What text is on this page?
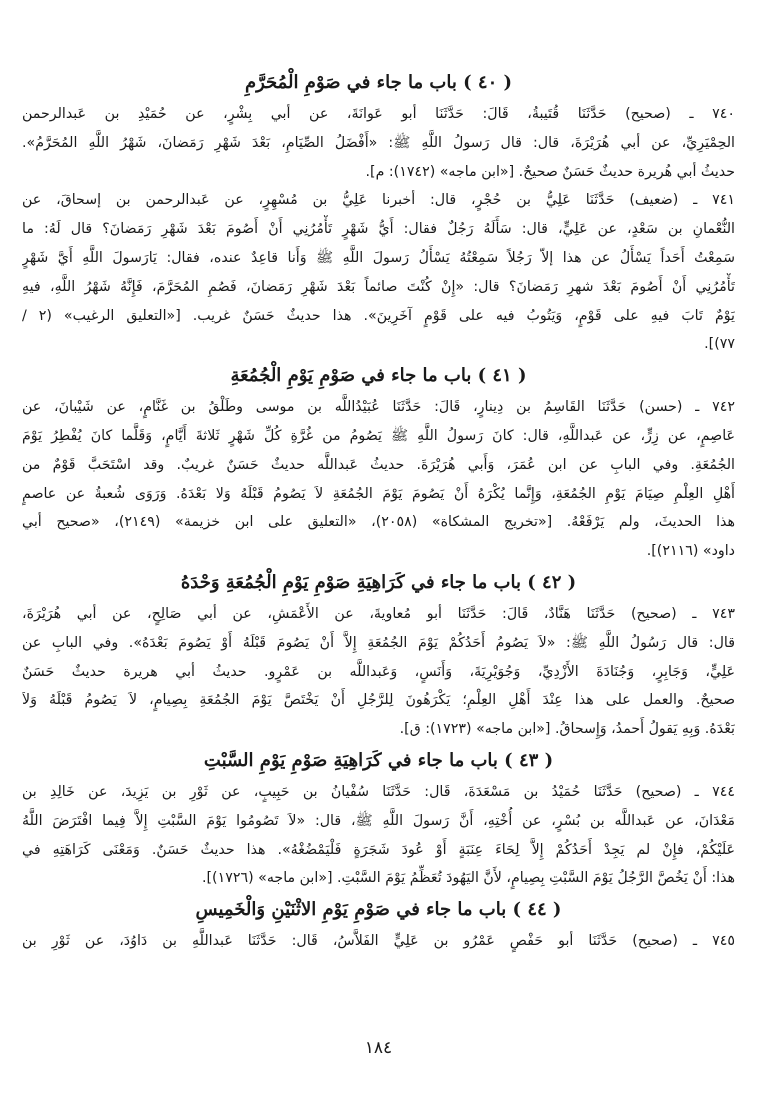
( ٤٠ ) باب ما جاء في صَوْمِ الْمُحَرَّمِ
٧٤٠ ـ (صحيح) حَدَّثَنَا قُتَيبةُ، قَالَ: حَدَّثَنَا أبو عَوانَةَ، عن أبي بِشْرٍ، عن حُمَيْدِ بن عَبدالرحمن
الحِمْيَرِيِّ، عن أبي هُرَيْرَةَ، قال: قال رَسولُ اللَّهِ ﷺ: «أَفْضَلُ الصِّيَامِ، بَعْدَ شَهْرِ رَمَضانَ، شَهْرُ اللَّهِ المُحَرَّمُ».
حديثُ أبي هُريرة حديثٌ حَسَنٌ صحيحٌ. [«ابن ماجه» (١٧٤٢): م].
٧٤١ ـ (ضعيف) حَدَّثَنَا عَلِيُّ بن حُجْرٍ، قال: أخبرنا عَلِيُّ بن مُسْهِرٍ، عن عَبدالرحمن بن إسحاقَ، عن
النُّعْمانِ بن سَعْدٍ، عن عَلِيٍّ، قال: سَأَلَهُ رَجُلٌ فقال: أَيُّ شَهْرٍ تَأْمُرُنِي أَنْ أَصُومَ بَعْدَ شَهْرِ رَمَضانَ؟ قال لَهُ: ما
سَمِعْتُ أَحَداً يَسْأَلُ عن هذا إلاّ رَجُلاً سَمِعْتُهُ يَسْأَلُ رَسولَ اللَّهِ ﷺ وَأَنا قاعِدٌ عنده، فقال: يَارَسولَ اللَّهِ أَيَّ شَهْرٍ
تَأْمُرُنِي أَنْ أَصُومَ بَعْدَ شهرِ رَمَضانَ؟ قال: «إِنْ كُنْتَ صائماً بَعْدَ شَهْرِ رَمَضانَ، فَصُمِ المُحَرَّمَ، فَإِنَّهُ شَهْرُ اللَّهِ، فيهِ
يَوْمٌ تَابَ فيهِ على قَوْمٍ، وَيَتُوبُ فيه على قَوْمٍ آخَرِينَ». هذا حديثٌ حَسَنٌ غريب. [«التعليق الرغيب» (٢ /
٧٧)].
( ٤١ ) باب ما جاء في صَوْمِ يَوْمِ الْجُمُعَةِ
٧٤٢ ـ (حسن) حَدَّثَنَا القَاسِمُ بن دِينارٍ، قَالَ: حَدَّثَنَا عُبَيْدُاللَّه بن موسى وطَلْقُ بن غَنَّامٍ، عن شَيْبانَ، عن
عَاصِمٍ، عن زِرٍّ، عن عَبداللَّهِ، قال: كانَ رَسولُ اللَّهِ ﷺ يَصُومُ من غُرَّةِ كُلِّ شَهْرٍ ثَلاثةَ أَيَّامٍ، وَقَلَّما كانَ يُفْطِرُ يَوْمَ
الجُمُعَةِ. وفي البابِ عن ابن عُمَرَ، وَأَبي هُرَيْرَةَ. حديثُ عَبداللَّه حديثٌ حَسَنٌ غريبٌ. وقد اسْتَحَبَّ قَوْمٌ من
أَهْلِ العِلْمِ صِيَامَ يَوْمِ الجُمُعَةِ، وَإِنَّما يُكْرَهُ أَنْ يَصُومَ يَوْمَ الجُمُعَةِ لاَ يَصُومُ قَبْلَهُ وَلا بَعْدَهُ. وَرَوَى شُعبةُ عن عاصمٍ
هذا الحديثَ، ولم يَرْفَعْهُ. [«تخريج المشكاة» (٢٠٥٨)، «التعليق على ابن خزيمة» (٢١٤٩)، «صحيح أبي
داود» (٢١١٦)].
( ٤٢ ) باب ما جاء في كَرَاهِيَةِ صَوْمِ يَوْمِ الْجُمُعَةِ وَحْدَهُ
٧٤٣ ـ (صحيح) حَدَّثَنَا هَنَّادٌ، قَالَ: حَدَّثَنَا أبو مُعاويةَ، عن الأَعْمَشِ، عن أبي صَالِحٍ، عن أبي هُرَيْرَةَ،
قال: قال رَسُولُ اللَّهِ ﷺ: «لاَ يَصُومُ أَحَدُكُمْ يَوْمَ الجُمُعَةِ إِلاَّ أَنْ يَصُومَ قَبْلَهُ أَوْ يَصُومَ بَعْدَهُ». وفي البابِ عن
عَلِيٍّ، وَجَابِرٍ، وَجُنَادَةَ الأَزْدِيِّ، وَجُوَيْرِيَةَ، وَأَنَسٍ، وَعَبداللَّه بن عَمْرٍو. حديثُ أبي هريرة حديثٌ حَسَنٌ
صحيحٌ. والعمل على هذا عِنْدَ أَهْلِ العِلْمِ؛ يَكْرَهُونَ لِلرَّجُلِ أَنْ يَخْتَصَّ يَوْمَ الجُمُعَةِ بِصِيامٍ، لاَ يَصُومُ قَبْلَهُ وَلاَ
بَعْدَهُ. وَبِهِ يَقولُ أَحمدُ، وَإِسحاقُ. [«ابن ماجه» (١٧٢٣): ق].
( ٤٣ ) باب ما جاء في كَرَاهِيَةِ صَوْمِ يَوْمِ السَّبْتِ
٧٤٤ ـ (صحيح) حَدَّثَنَا حُمَيْدُ بن مَسْعَدَةَ، قَال: حَدَّثَنَا سُفْيانُ بن حَبِيبٍ، عن ثَوْرِ بن يَزِيدَ، عن خَالِدِ بن
مَعْدَانَ، عن عَبداللَّه بن بُسْرٍ، عن أُخْتِهِ، أَنَّ رَسولَ اللَّهِ ﷺ، قال: «لاَ تَصُومُوا يَوْمَ السَّبْتِ إِلاَّ فِيما افْتَرَضَ اللَّهُ
عَلَيْكُمْ، فإِنْ لم يَجِدْ أَحَدُكُمْ إِلاَّ لِحَاءَ عِنَبَةٍ أَوْ عُودَ شَجَرَةٍ فَلْيَمْضُغْهُ». هذا حديثٌ حَسَنٌ. وَمَعْنَى كَرَاهَتِهِ في
هذا: أَنْ يَخُصَّ الرَّجُلُ يَوْمَ السَّبْتِ بِصِيامٍ، لأَنَّ اليَهُودَ تُعَظِّمُ يَوْمَ السَّبْتِ. [«ابن ماجه» (١٧٢٦)].
( ٤٤ ) باب ما جاء في صَوْمِ يَوْمِ الاثْنَيْنِ وَالْخَمِيسِ
٧٤٥ ـ (صحيح) حَدَّثَنَا أبو حَفْصٍ عَمْرُو بن عَلِيٍّ الفَلاَّسُ، قَال: حَدَّثَنَا عَبداللَّهِ بن دَاوُدَ، عن ثَوْرِ بن
١٨٤
